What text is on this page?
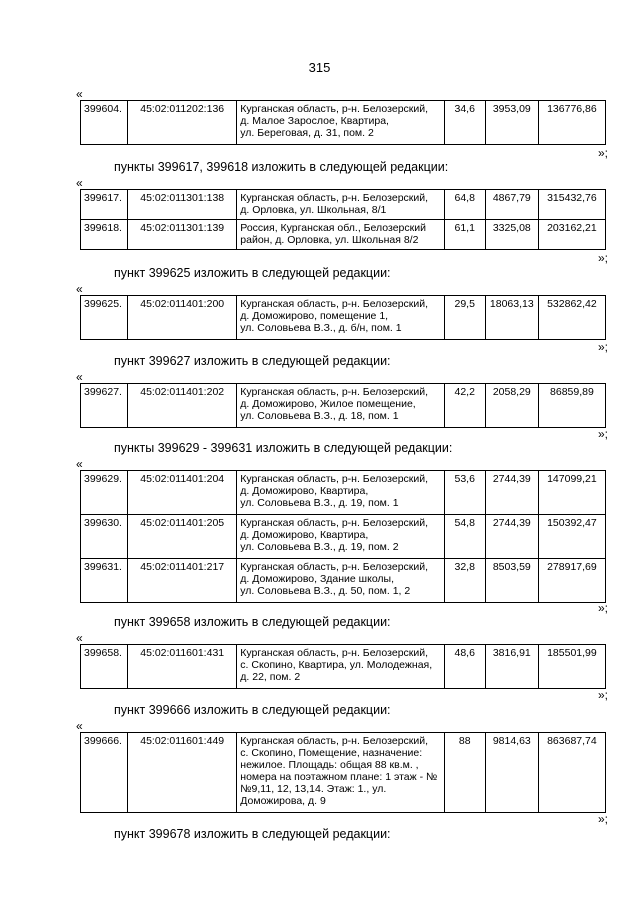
315
«
399604.	45:02:011202:136	Курганская область, р-н. Белозерский,
д. Малое Зарослое, Квартира,
ул. Береговая, д. 31, пом. 2
	34,6	3953,09	136776,86
»;
пункты 399617, 399618 изложить в следующей редакции:
«
399617.	45:02:011301:138	Курганская область, р-н. Белозерский,
д. Орловка, ул. Школьная, 8/1	64,8	4867,79	315432,76
399618.	45:02:011301:139	Россия, Курганская обл., Белозерский
район, д. Орловка, ул. Школьная 8/2	61,1	3325,08	203162,21
»;
пункт 399625 изложить в следующей редакции:
«
399625.	45:02:011401:200	Курганская область, р-н. Белозерский,
д. Доможирово, помещение 1,
ул. Соловьева В.З., д. б/н, пом. 1
	29,5	18063,13	532862,42
»;
пункт 399627 изложить в следующей редакции:
«
399627.	45:02:011401:202	Курганская область, р-н. Белозерский,
д. Доможирово, Жилое помещение,
ул. Соловьева В.З., д. 18, пом. 1
	42,2	2058,29	86859,89
»;
пункты 399629 - 399631 изложить в следующей редакции:
«
399629.	45:02:011401:204	Курганская область, р-н. Белозерский,
д. Доможирово, Квартира,
ул. Соловьева В.З., д. 19, пом. 1	53,6	2744,39	147099,21
399630.	45:02:011401:205	Курганская область, р-н. Белозерский,
д. Доможирово, Квартира,
ул. Соловьева В.З., д. 19, пом. 2	54,8	2744,39	150392,47
399631.	45:02:011401:217	Курганская область, р-н. Белозерский,
д. Доможирово, Здание школы,
ул. Соловьева В.З., д. 50, пом. 1, 2	32,8	8503,59	278917,69
»;
пункт 399658 изложить в следующей редакции:
«
399658.	45:02:011601:431	Курганская область, р-н. Белозерский,
с. Скопино, Квартира, ул. Молодежная,
д. 22, пом. 2
	48,6	3816,91	185501,99
»;
пункт 399666 изложить в следующей редакции:
«
399666.	45:02:011601:449	Курганская область, р-н. Белозерский,
с. Скопино, Помещение, назначение:
нежилое. Площадь: общая 88 кв.м. ,
номера на поэтажном плане: 1 этаж - №
№9,11, 12, 13,14. Этаж: 1., ул.
Доможирова, д. 9
	88	9814,63	863687,74
»;
пункт 399678 изложить в следующей редакции:
